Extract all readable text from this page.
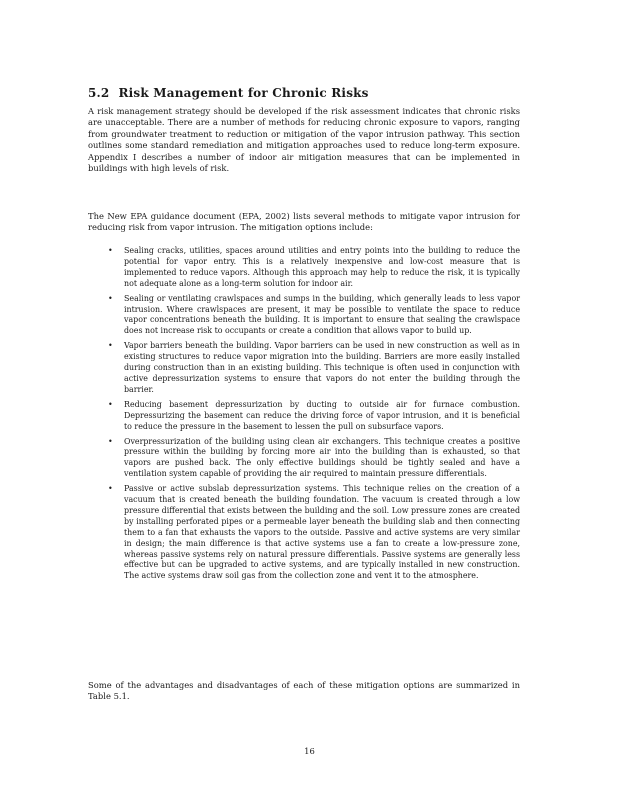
5.2 Risk Management for Chronic Risks

A risk management strategy should be developed if the risk assessment indicates that chronic risks are unacceptable. There are a number of methods for reducing chronic exposure to vapors, ranging from groundwater treatment to reduction or mitigation of the vapor intrusion pathway. This section outlines some standard remediation and mitigation approaches used to reduce long-term exposure. Appendix I describes a number of indoor air mitigation measures that can be implemented in buildings with high levels of risk.

The New EPA guidance document (EPA, 2002) lists several methods to mitigate vapor intrusion for reducing risk from vapor intrusion. The mitigation options include:

• Sealing cracks, utilities, spaces around utilities and entry points into the building to reduce the potential for vapor entry. This is a relatively inexpensive and low-cost measure that is implemented to reduce vapors. Although this approach may help to reduce the risk, it is typically not adequate alone as a long-term solution for indoor air.
• Sealing or ventilating crawlspaces and sumps in the building, which generally leads to less vapor intrusion. Where crawlspaces are present, it may be possible to ventilate the space to reduce vapor concentrations beneath the building. It is important to ensure that sealing the crawlspace does not increase risk to occupants or create a condition that allows vapor to build up.
• Vapor barriers beneath the building. Vapor barriers can be used in new construction as well as in existing structures to reduce vapor migration into the building. Barriers are more easily installed during construction than in an existing building. This technique is often used in conjunction with active depressurization systems to ensure that vapors do not enter the building through the barrier.
• Reducing basement depressurization by ducting to outside air for furnace combustion. Depressurizing the basement can reduce the driving force of vapor intrusion, and it is beneficial to reduce the pressure in the basement to lessen the pull on subsurface vapors.
• Overpressurization of the building using clean air exchangers. This technique creates a positive pressure within the building by forcing more air into the building than is exhausted, so that vapors are pushed back. The only effective buildings should be tightly sealed and have a ventilation system capable of providing the air required to maintain pressure differentials.
• Passive or active subslab depressurization systems. This technique relies on the creation of a vacuum that is created beneath the building foundation. The vacuum is created through a low pressure differential that exists between the building and the soil. Low pressure zones are created by installing perforated pipes or a permeable layer beneath the building slab and then connecting them to a fan that exhausts the vapors to the outside. Passive and active systems are very similar in design; the main difference is that active systems use a fan to create a low-pressure zone, whereas passive systems rely on natural pressure differentials. Passive systems are generally less effective but can be upgraded to active systems, and are typically installed in new construction. The active systems draw soil gas from the collection zone and vent it to the atmosphere.

Some of the advantages and disadvantages of each of these mitigation options are summarized in Table 5.1.

16
